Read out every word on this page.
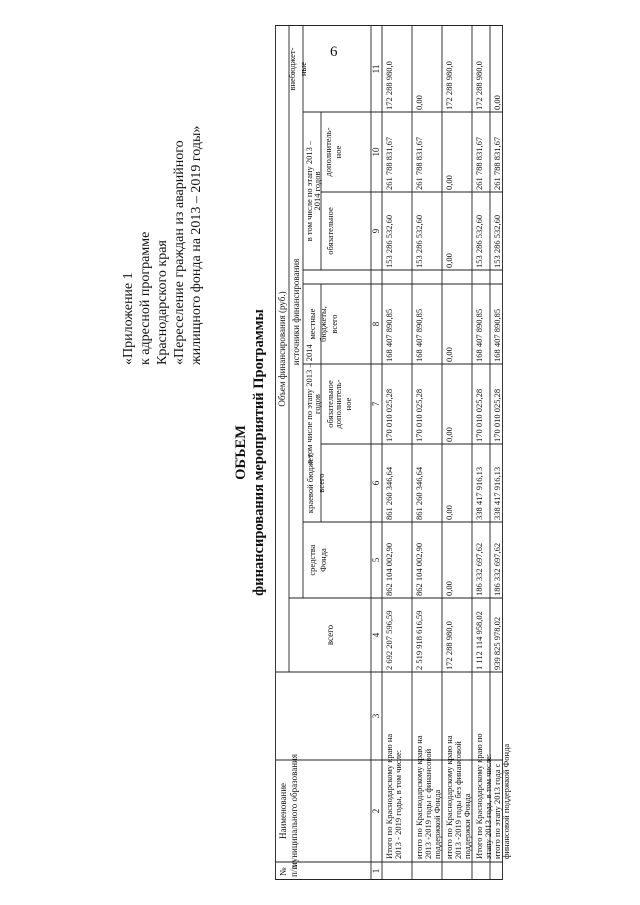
6
«Приложение 1 к адресной программе Краснодарского края «Переселение граждан из аварийного жилищного фонда на 2013 – 2019 годы»
ОБЪЕМ финансирования мероприятий Программы
№ п/п
Наименование муниципального образования
Объем финансирования (руб.)
всего
источники финансирования
средства Фонда
краевой бюджет, всего
в том числе по этапу 2013 – 2014
годов
местные бюджеты, всего
в том числе по этапу 2013 –
2014 годов
обязательное
обязательное
дополнитель- ное
внебюджет- ные
дополнитель- ное
1
2
3
4
5
6
7
8
9
10
11
Итого по Краснодарскому краю на 2013 - 2019 годы, в том числе:
2 692 207 596,59
862 104 002,90
861 260 346,64
170 010 025,28
168 407 890,85
153 286 532,60
261 788 831,67
172 288 980,0
итого по Краснодарскому краю на 2013 -2019 годы с финансовой поддержкой Фонда
2 519 918 616,59
862 104 002,90
861 260 346,64
170 010 025,28
168 407 890,85
153 286 532,60
261 788 831,67
0,00
итого по Краснодарскому краю на 2013 -2019 годы без финансовой поддержки Фонда
172 288 980,0
0,00
0,00
0,00
0,00
0,00
0,00
172 288 980,0
Итого по Краснодарскому краю по этапу 2013 года, в том числе:
1 112 114 958,02
186 332 697,62
338 417 916,13
170 010 025,28
168 407 890,85
153 286 532,60
261 788 831,67
172 288 980,0
итого по этапу 2013 года с финансовой поддержкой Фонда
939 825 978,02
186 332 697,62
338 417 916,13
170 010 025,28
168 407 890,85
153 286 532,60
261 788 831,67
0,00
